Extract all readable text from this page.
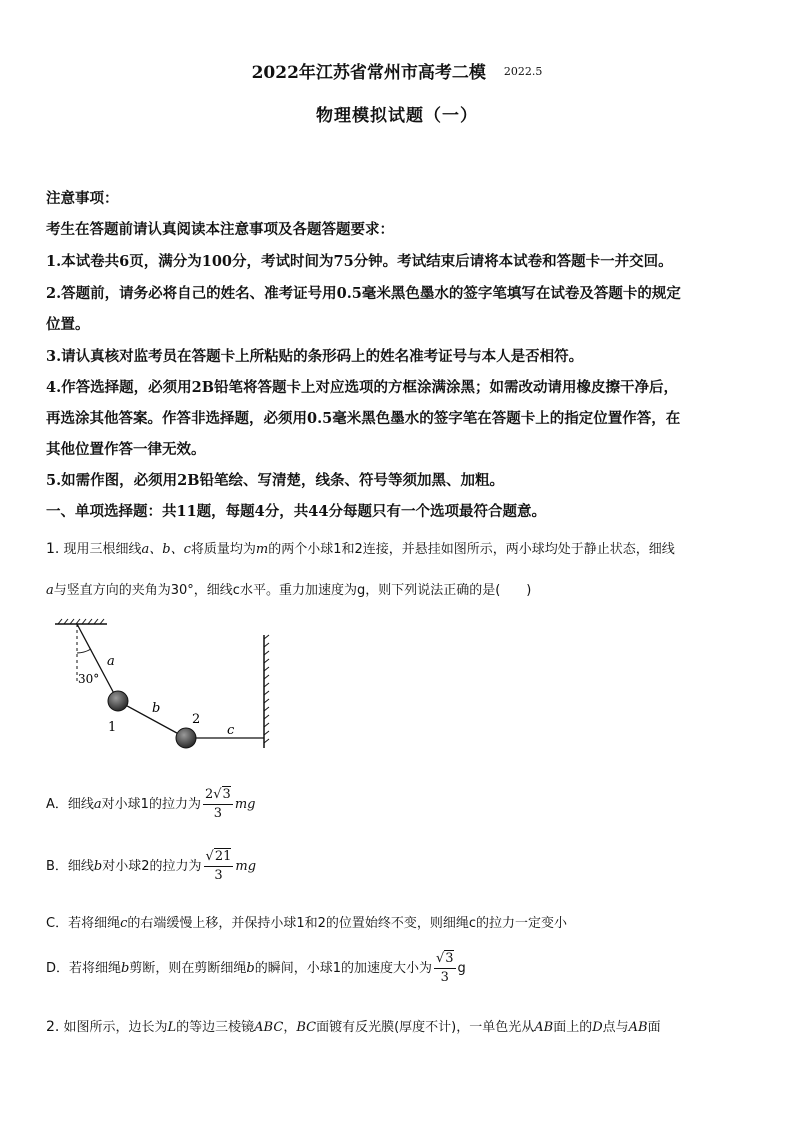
2022年江苏省常州市高考二模 2022.5
物理模拟试题（一）
注意事项：
考生在答题前请认真阅读本注意事项及各题答题要求：
1.本试卷共6页，满分为100分，考试时间为75分钟。考试结束后请将本试卷和答题卡一并交回。
2.答题前，请务必将自己的姓名、准考证号用0.5毫米黑色墨水的签字笔填写在试卷及答题卡的规定
位置。
3.请认真核对监考员在答题卡上所粘贴的条形码上的姓名准考证号与本人是否相符。
4.作答选择题，必须用2B铅笔将答题卡上对应选项的方框涂满涂黑；如需改动请用橡皮擦干净后，
再选涂其他答案。作答非选择题，必须用0.5毫米黑色墨水的签字笔在答题卡上的指定位置作答，在
其他位置作答一律无效。
5.如需作图，必须用2B铅笔绘、写清楚，线条、符号等须加黑、加粗。
一、单项选择题：共11题，每题4分，共44分每题只有一个选项最符合题意。
1. 现用三根细线a、b、c将质量均为m的两个小球1和2连接，并悬挂如图所示，两小球均处于静止状态，细线
a与竖直方向的夹角为30°，细线c水平。重力加速度为g，则下列说法正确的是(　　)
30°
a
b
c
1
2
A．细线a对小球1的拉力为 $\frac{2√3}{3}$ mg
B．细线b对小球2的拉力为 $\frac{√21}{3}$ mg
C．若将细绳c的右端缓慢上移，并保持小球1和2的位置始终不变，则细绳c的拉力一定变小
D．若将细绳b剪断，则在剪断细绳b的瞬间，小球1的加速度大小为 $\frac{√3}{3}$ g
2. 如图所示，边长为L的等边三棱镜ABC，BC面镀有反光膜(厚度不计)，一单色光从AB面上的D点与AB面
